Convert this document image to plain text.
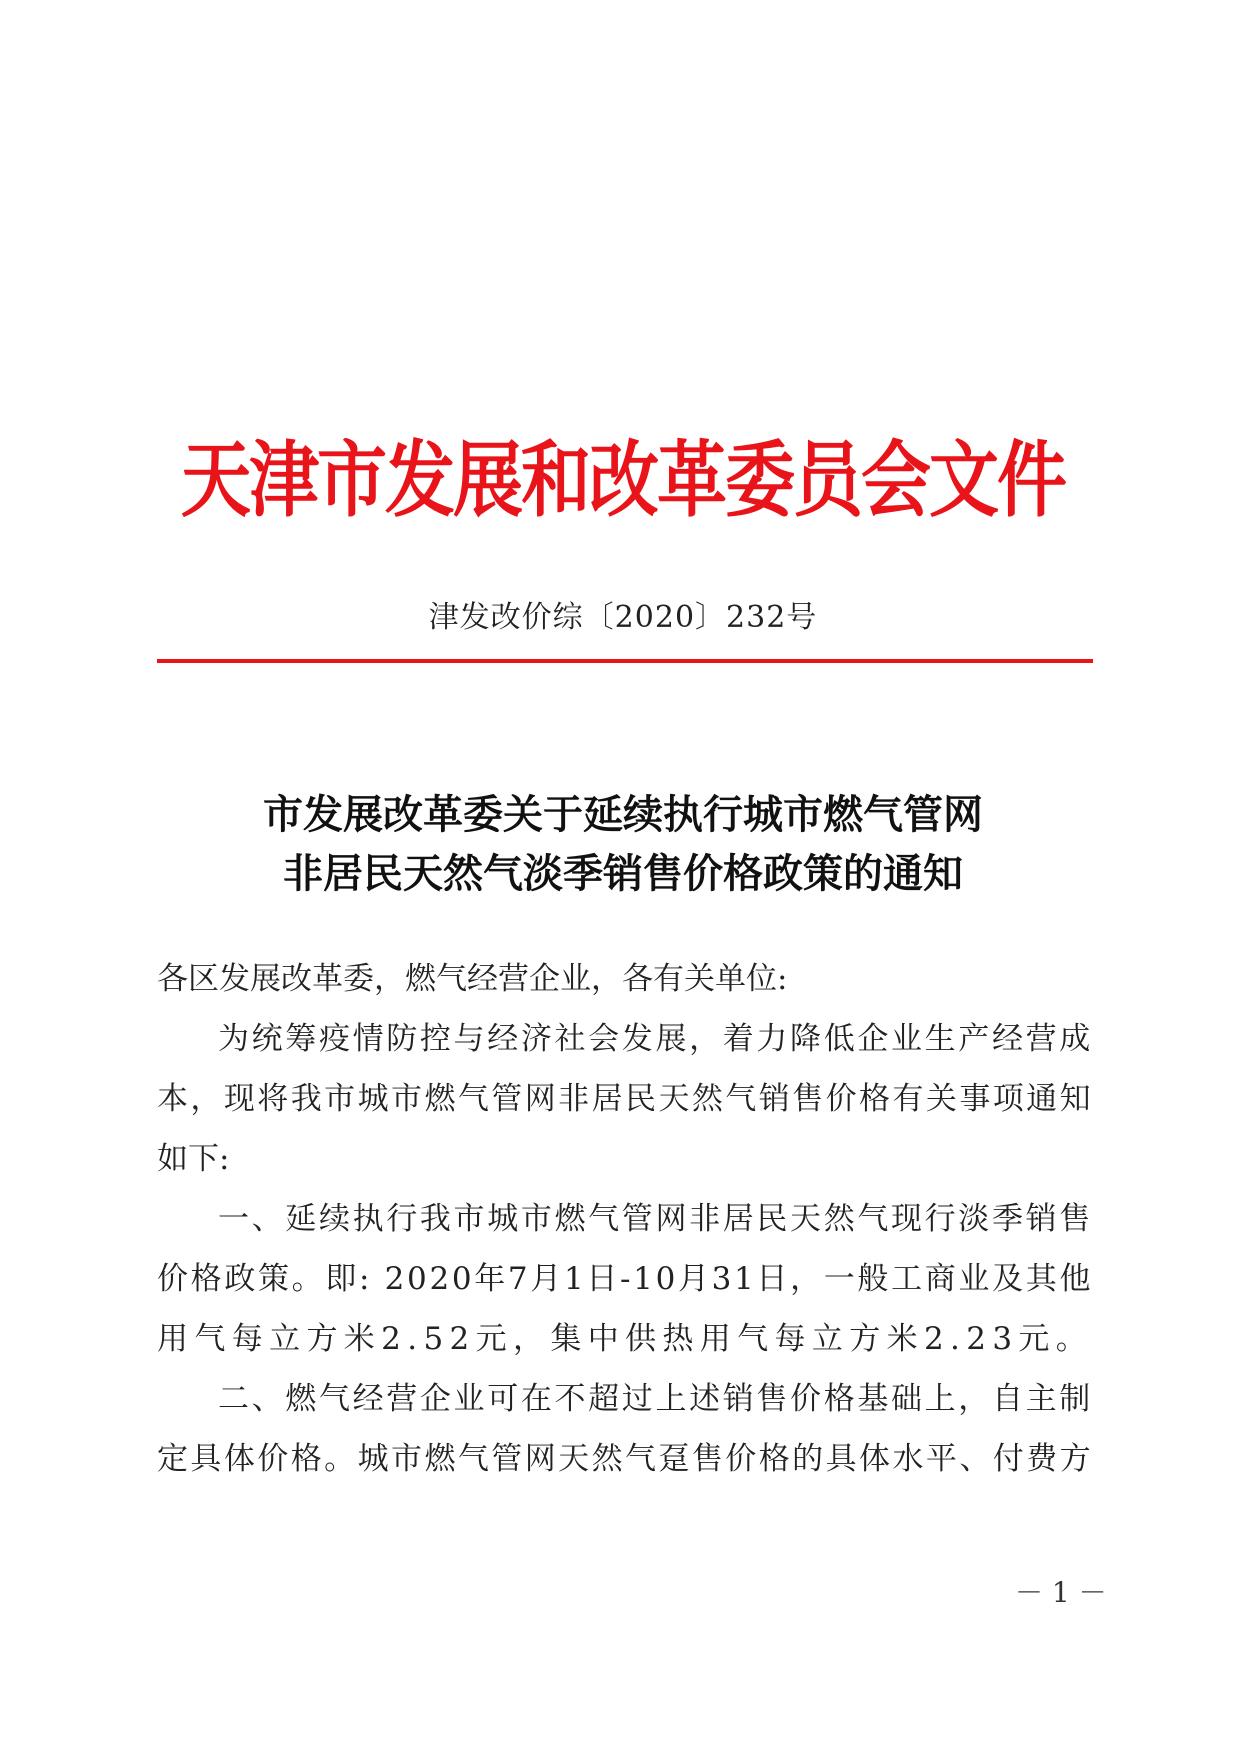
天津市发展和改革委员会文件
津发改价综〔2020〕232号
市发展改革委关于延续执行城市燃气管网
非居民天然气淡季销售价格政策的通知
各区发展改革委，燃气经营企业，各有关单位:
为统筹疫情防控与经济社会发展，着力降低企业生产经营成
本，现将我市城市燃气管网非居民天然气销售价格有关事项通知
如下:
一、延续执行我市城市燃气管网非居民天然气现行淡季销售
价格政策。即: 2020年7月1日-10月31日，一般工商业及其他
用气每立方米2.52元，集中供热用气每立方米2.23元。
二、燃气经营企业可在不超过上述销售价格基础上，自主制
定具体价格。城市燃气管网天然气趸售价格的具体水平、付费方
－ 1 －
